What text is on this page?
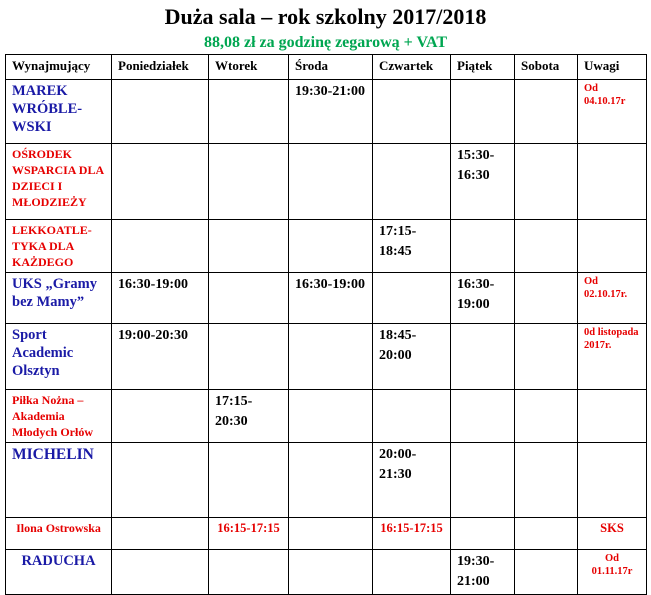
Duża sala – rok szkolny 2017/2018
88,08 zł za godzinę zegarową + VAT
Wynajmujący	Poniedziałek	Wtorek	Środa	Czwartek	Piątek	Sobota	Uwagi

MAREK WRÓBLE-WSKI			19:30-21:00				Od 04.10.17r

OŚRODEK WSPARCIA DLA DZIECI I MŁODZIEŻY					15:30-16:30		

LEKKOATLE-TYKA DLA KAŻDEGO				17:15-18:45			

UKS „Gramy bez Mamy”	16:30-19:00		16:30-19:00		16:30-19:00		Od 02.10.17r.

Sport Academic Olsztyn	19:00-20:30			18:45-20:00			0d listopada 2017r.

Piłka Nożna – Akademia Młodych Orłów		17:15-20:30					

MICHELIN				20:00-21:30			

Ilona Ostrowska		16:15-17:15		16:15-17:15			SKS

RADUCHA					19:30-21:00		Od 01.11.17r
